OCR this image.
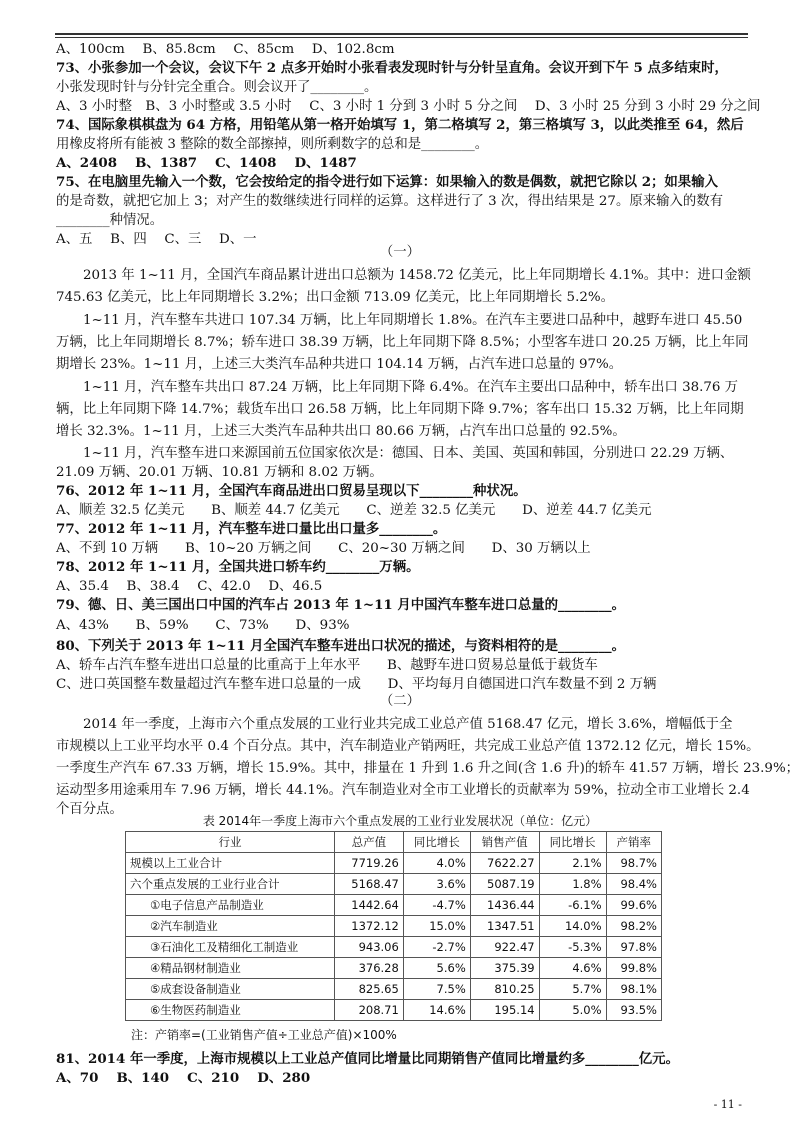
A、100cm　 B、85.8cm　 C、85cm　 D、102.8cm
73、小张参加一个会议，会议下午 2 点多开始时小张看表发现时针与分针呈直角。会议开到下午 5 点多结束时，
小张发现时针与分针完全重合。则会议开了________。
A、3 小时整　B、3 小时整或 3.5 小时　 C、3 小时 1 分到 3 小时 5 分之间　 D、3 小时 25 分到 3 小时 29 分之间
74、国际象棋棋盘为 64 方格，用铅笔从第一格开始填写 1，第二格填写 2，第三格填写 3，以此类推至 64，然后
用橡皮将所有能被 3 整除的数全部擦掉，则所剩数字的总和是________。
A、2408　 B、1387　 C、1408　 D、1487
75、在电脑里先输入一个数，它会按给定的指令进行如下运算：如果输入的数是偶数，就把它除以 2；如果输入
的是奇数，就把它加上 3；对产生的数继续进行同样的运算。这样进行了 3 次，得出结果是 27。原来输入的数有
________种情况。
A、五　 B、四　 C、三　 D、一
（一）
2013 年 1~11 月，全国汽车商品累计进出口总额为 1458.72 亿美元，比上年同期增长 4.1%。其中：进口金额
745.63 亿美元，比上年同期增长 3.2%；出口金额 713.09 亿美元，比上年同期增长 5.2%。
1~11 月，汽车整车共进口 107.34 万辆，比上年同期增长 1.8%。在汽车主要进口品种中，越野车进口 45.50
万辆，比上年同期增长 8.7%；轿车进口 38.39 万辆，比上年同期下降 8.5%；小型客车进口 20.25 万辆，比上年同
期增长 23%。1~11 月，上述三大类汽车品种共进口 104.14 万辆，占汽车进口总量的 97%。
1~11 月，汽车整车共出口 87.24 万辆，比上年同期下降 6.4%。在汽车主要出口品种中，轿车出口 38.76 万
辆，比上年同期下降 14.7%；载货车出口 26.58 万辆，比上年同期下降 9.7%；客车出口 15.32 万辆，比上年同期
增长 32.3%。1~11 月，上述三大类汽车品种共出口 80.66 万辆，占汽车出口总量的 92.5%。
1~11 月，汽车整车进口来源国前五位国家依次是：德国、日本、美国、英国和韩国，分别进口 22.29 万辆、
21.09 万辆、20.01 万辆、10.81 万辆和 8.02 万辆。
76、2012 年 1~11 月，全国汽车商品进出口贸易呈现以下________种状况。
A、顺差 32.5 亿美元　　B、顺差 44.7 亿美元　　C、逆差 32.5 亿美元　　D、逆差 44.7 亿美元
77、2012 年 1~11 月，汽车整车进口量比出口量多________。
A、不到 10 万辆　　B、10~20 万辆之间　　C、20~30 万辆之间　　D、30 万辆以上
78、2012 年 1~11 月，全国共进口轿车约________万辆。
A、35.4　 B、38.4　 C、42.0　 D、46.5
79、德、日、美三国出口中国的汽车占 2013 年 1~11 月中国汽车整车进口总量的________。
A、43%　　B、59%　　C、73%　　D、93%
80、下列关于 2013 年 1~11 月全国汽车整车进出口状况的描述，与资料相符的是________。
A、轿车占汽车整车进出口总量的比重高于上年水平　　B、越野车进口贸易总量低于载货车
C、进口英国整车数量超过汽车整车进口总量的一成　　D、平均每月自德国进口汽车数量不到 2 万辆
（二）
2014 年一季度，上海市六个重点发展的工业行业共完成工业总产值 5168.47 亿元，增长 3.6%，增幅低于全
市规模以上工业平均水平 0.4 个百分点。其中，汽车制造业产销两旺，共完成工业总产值 1372.12 亿元，增长 15%。
一季度生产汽车 67.33 万辆，增长 15.9%。其中，排量在 1 升到 1.6 升之间(含 1.6 升)的轿车 41.57 万辆，增长 23.9%；
运动型多用途乘用车 7.96 万辆，增长 44.1%。汽车制造业对全市工业增长的贡献率为 59%，拉动全市工业增长 2.4
个百分点。
表 2014年一季度上海市六个重点发展的工业行业发展状况（单位：亿元）
行业	总产值	同比增长	销售产值	同比增长	产销率
规模以上工业合计	7719.26	4.0%	7622.27	2.1%	98.7%
六个重点发展的工业行业合计	5168.47	3.6%	5087.19	1.8%	98.4%
①电子信息产品制造业	1442.64	-4.7%	1436.44	-6.1%	99.6%
②汽车制造业	1372.12	15.0%	1347.51	14.0%	98.2%
③石油化工及精细化工制造业	943.06	-2.7%	922.47	-5.3%	97.8%
④精品钢材制造业	376.28	5.6%	375.39	4.6%	99.8%
⑤成套设备制造业	825.65	7.5%	810.25	5.7%	98.1%
⑥生物医药制造业	208.71	14.6%	195.14	5.0%	93.5%
注：产销率=(工业销售产值÷工业总产值)×100%
81、2014 年一季度，上海市规模以上工业总产值同比增量比同期销售产值同比增量约多________亿元。
A、70　 B、140　 C、210　 D、280
- 11 -
